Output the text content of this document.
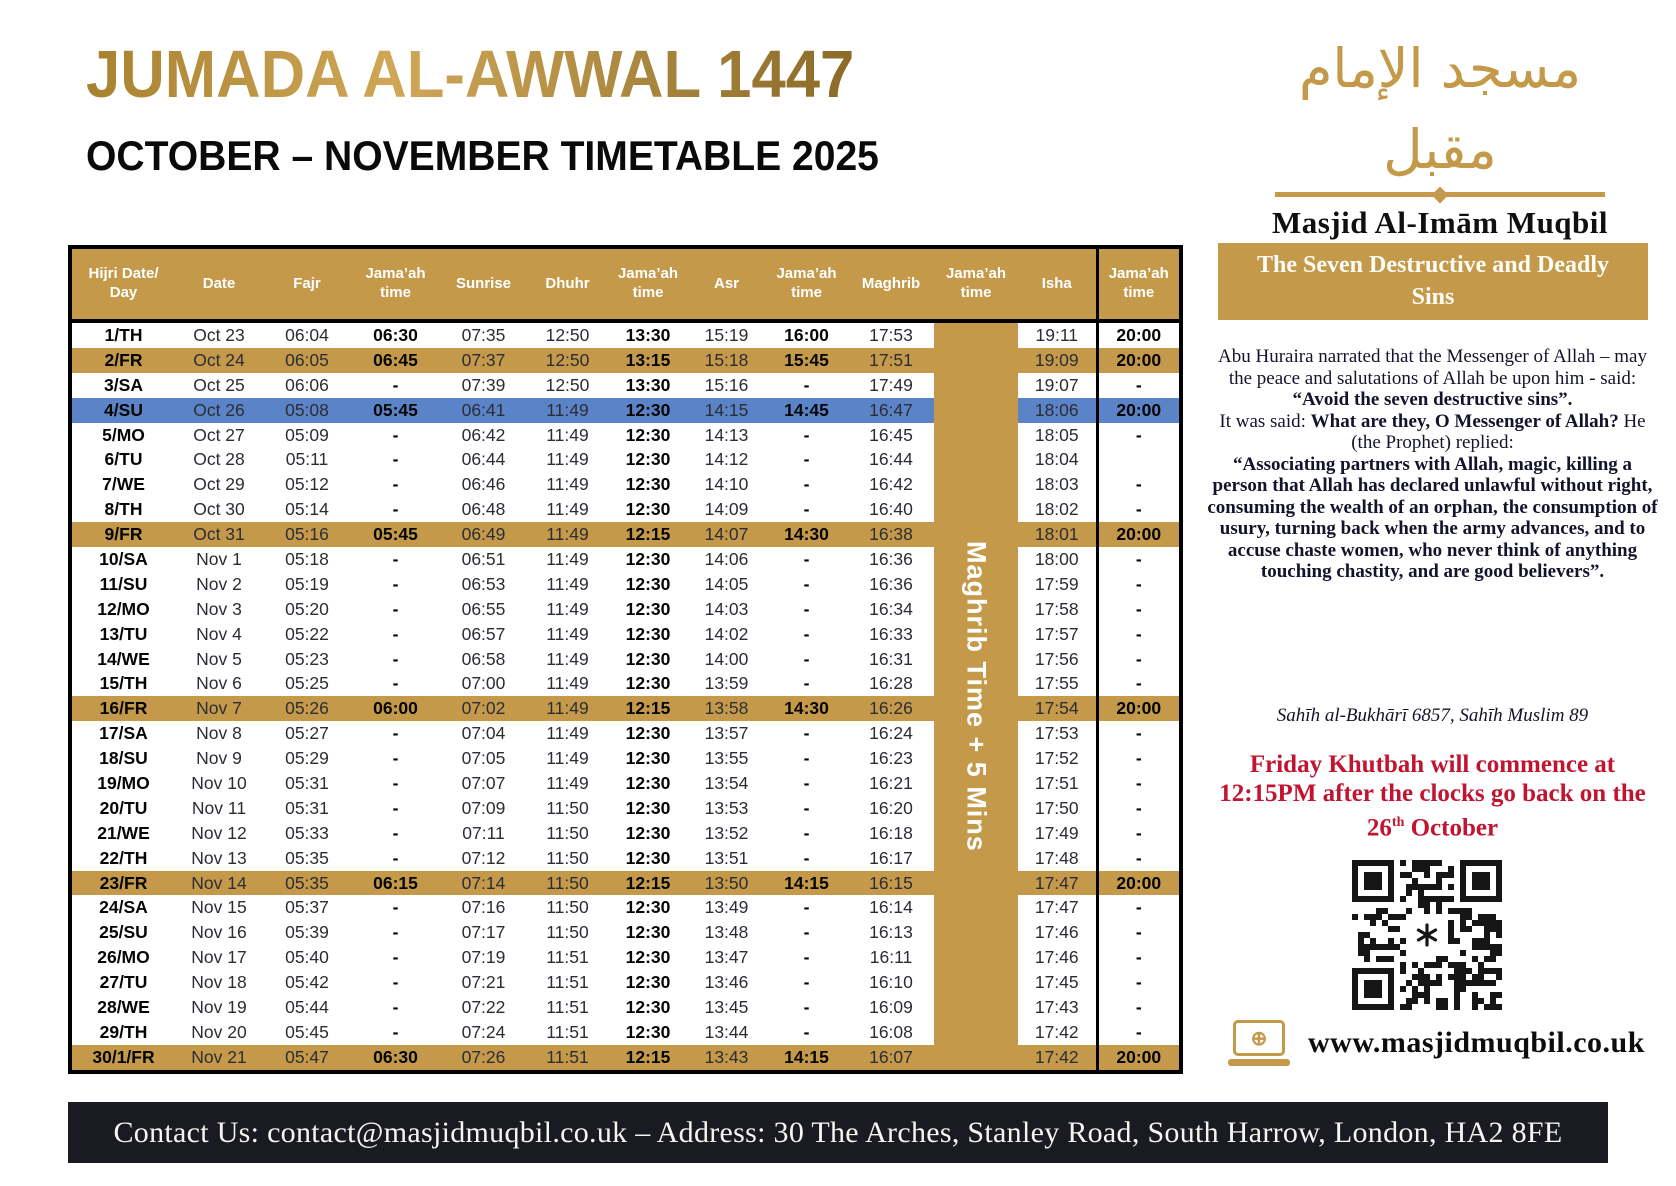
JUMADA AL-AWWAL 1447
OCTOBER – NOVEMBER TIMETABLE 2025
مسجد الإمام مقبل
Masjid Al-Imām Muqbil
Hijri Date/ Day	Date	Fajr	Jama’ah time	Sunrise	Dhuhr	Jama’ah time	Asr	Jama’ah time	Maghrib	Jama’ah time	Isha	Jama’ah time
1/TH	Oct 23	06:04	06:30	07:35	12:50	13:30	15:19	16:00	17:53	Maghrib Time + 5 Mins	19:11	20:00
2/FR	Oct 24	06:05	06:45	07:37	12:50	13:15	15:18	15:45	17:51		19:09	20:00
3/SA	Oct 25	06:06	-	07:39	12:50	13:30	15:16	-	17:49		19:07	-
4/SU	Oct 26	05:08	05:45	06:41	11:49	12:30	14:15	14:45	16:47		18:06	20:00
5/MO	Oct 27	05:09	-	06:42	11:49	12:30	14:13	-	16:45		18:05	-
6/TU	Oct 28	05:11	-	06:44	11:49	12:30	14:12	-	16:44		18:04	
7/WE	Oct 29	05:12	-	06:46	11:49	12:30	14:10	-	16:42		18:03	-
8/TH	Oct 30	05:14	-	06:48	11:49	12:30	14:09	-	16:40		18:02	-
9/FR	Oct 31	05:16	05:45	06:49	11:49	12:15	14:07	14:30	16:38		18:01	20:00
10/SA	Nov 1	05:18	-	06:51	11:49	12:30	14:06	-	16:36		18:00	-
11/SU	Nov 2	05:19	-	06:53	11:49	12:30	14:05	-	16:36		17:59	-
12/MO	Nov 3	05:20	-	06:55	11:49	12:30	14:03	-	16:34		17:58	-
13/TU	Nov 4	05:22	-	06:57	11:49	12:30	14:02	-	16:33		17:57	-
14/WE	Nov 5	05:23	-	06:58	11:49	12:30	14:00	-	16:31		17:56	-
15/TH	Nov 6	05:25	-	07:00	11:49	12:30	13:59	-	16:28		17:55	-
16/FR	Nov 7	05:26	06:00	07:02	11:49	12:15	13:58	14:30	16:26		17:54	20:00
17/SA	Nov 8	05:27	-	07:04	11:49	12:30	13:57	-	16:24		17:53	-
18/SU	Nov 9	05:29	-	07:05	11:49	12:30	13:55	-	16:23		17:52	-
19/MO	Nov 10	05:31	-	07:07	11:49	12:30	13:54	-	16:21		17:51	-
20/TU	Nov 11	05:31	-	07:09	11:50	12:30	13:53	-	16:20		17:50	-
21/WE	Nov 12	05:33	-	07:11	11:50	12:30	13:52	-	16:18		17:49	-
22/TH	Nov 13	05:35	-	07:12	11:50	12:30	13:51	-	16:17		17:48	-
23/FR	Nov 14	05:35	06:15	07:14	11:50	12:15	13:50	14:15	16:15		17:47	20:00
24/SA	Nov 15	05:37	-	07:16	11:50	12:30	13:49	-	16:14		17:47	-
25/SU	Nov 16	05:39	-	07:17	11:50	12:30	13:48	-	16:13		17:46	-
26/MO	Nov 17	05:40	-	07:19	11:51	12:30	13:47	-	16:11		17:46	-
27/TU	Nov 18	05:42	-	07:21	11:51	12:30	13:46	-	16:10		17:45	-
28/WE	Nov 19	05:44	-	07:22	11:51	12:30	13:45	-	16:09		17:43	-
29/TH	Nov 20	05:45	-	07:24	11:51	12:30	13:44	-	16:08		17:42	-
30/1/FR	Nov 21	05:47	06:30	07:26	11:51	12:15	13:43	14:15	16:07		17:42	20:00
The Seven Destructive and Deadly Sins
Abu Huraira narrated that the Messenger of Allah – may the peace and salutations of Allah be upon him - said: “Avoid the seven destructive sins”.
It was said: What are they, O Messenger of Allah? He (the Prophet) replied:
“Associating partners with Allah, magic, killing a person that Allah has declared unlawful without right, consuming the wealth of an orphan, the consumption of usury, turning back when the army advances, and to accuse chaste women, who never think of anything touching chastity, and are good believers”.
Sahīh al-Bukhārī 6857, Sahīh Muslim 89
Friday Khutbah will commence at 12:15PM after the clocks go back on the 26th October
⊕	www.masjidmuqbil.co.uk
Contact Us: contact@masjidmuqbil.co.uk – Address: 30 The Arches, Stanley Road, South Harrow, London, HA2 8FE
